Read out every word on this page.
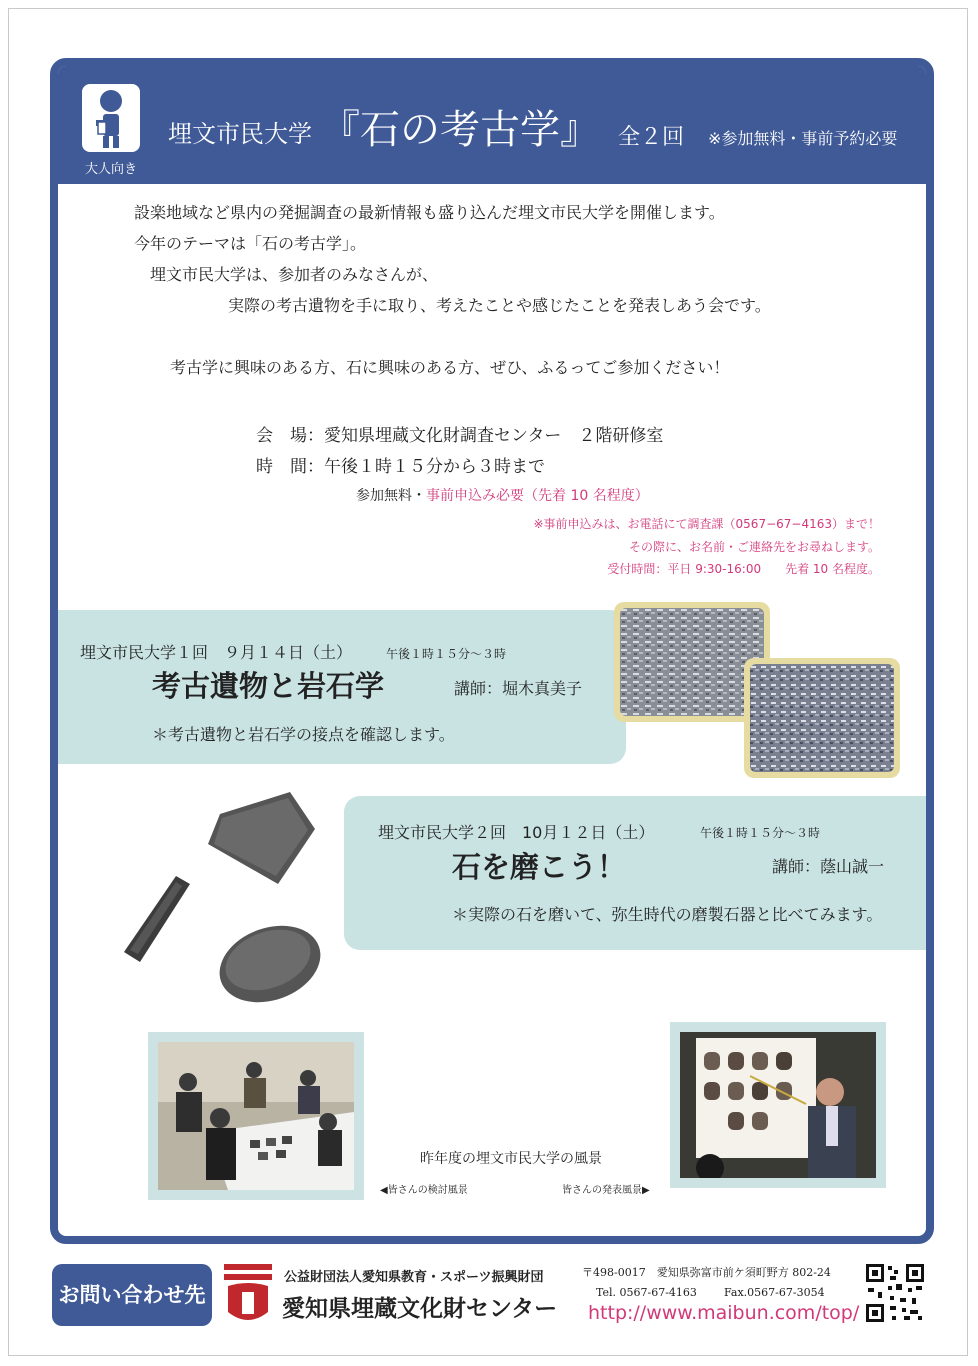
大人向き
埋文市民大学 『石の考古学』 全２回 ※参加無料・事前予約必要
設楽地域など県内の発掘調査の最新情報も盛り込んだ埋文市民大学を開催します。
今年のテーマは「石の考古学」。
埋文市民大学は、参加者のみなさんが、
実際の考古遺物を手に取り、考えたことや感じたことを発表しあう会です。
考古学に興味のある方、石に興味のある方、ぜひ、ふるってご参加ください！
会　場：愛知県埋蔵文化財調査センター　２階研修室
時　間：午後１時１５分から３時まで
参加無料・事前申込み必要（先着 10 名程度）
※事前申込みは、お電話にて調査課（0567−67−4163）まで！
その際に、お名前・ご連絡先をお尋ねします。
受付時間：平日 9:30-16:00　　先着 10 名程度。
埋文市民大学１回　９月１４日（土）	午後１時１５分〜３時
考古遺物と岩石学	講師：堀木真美子
＊考古遺物と岩石学の接点を確認します。
埋文市民大学２回　10月１２日（土）	午後１時１５分〜３時
石を磨こう！	講師：蔭山誠一
＊実際の石を磨いて、弥生時代の磨製石器と比べてみます。
昨年度の埋文市民大学の風景
◀皆さんの検討風景	皆さんの発表風景▶
お問い合わせ先
公益財団法人愛知県教育・スポーツ振興財団
愛知県埋蔵文化財センター
〒498-0017　愛知県弥富市前ケ須町野方 802-24
Tel. 0567-67-4163 Fax.0567-67-3054
http://www.maibun.com/top/
